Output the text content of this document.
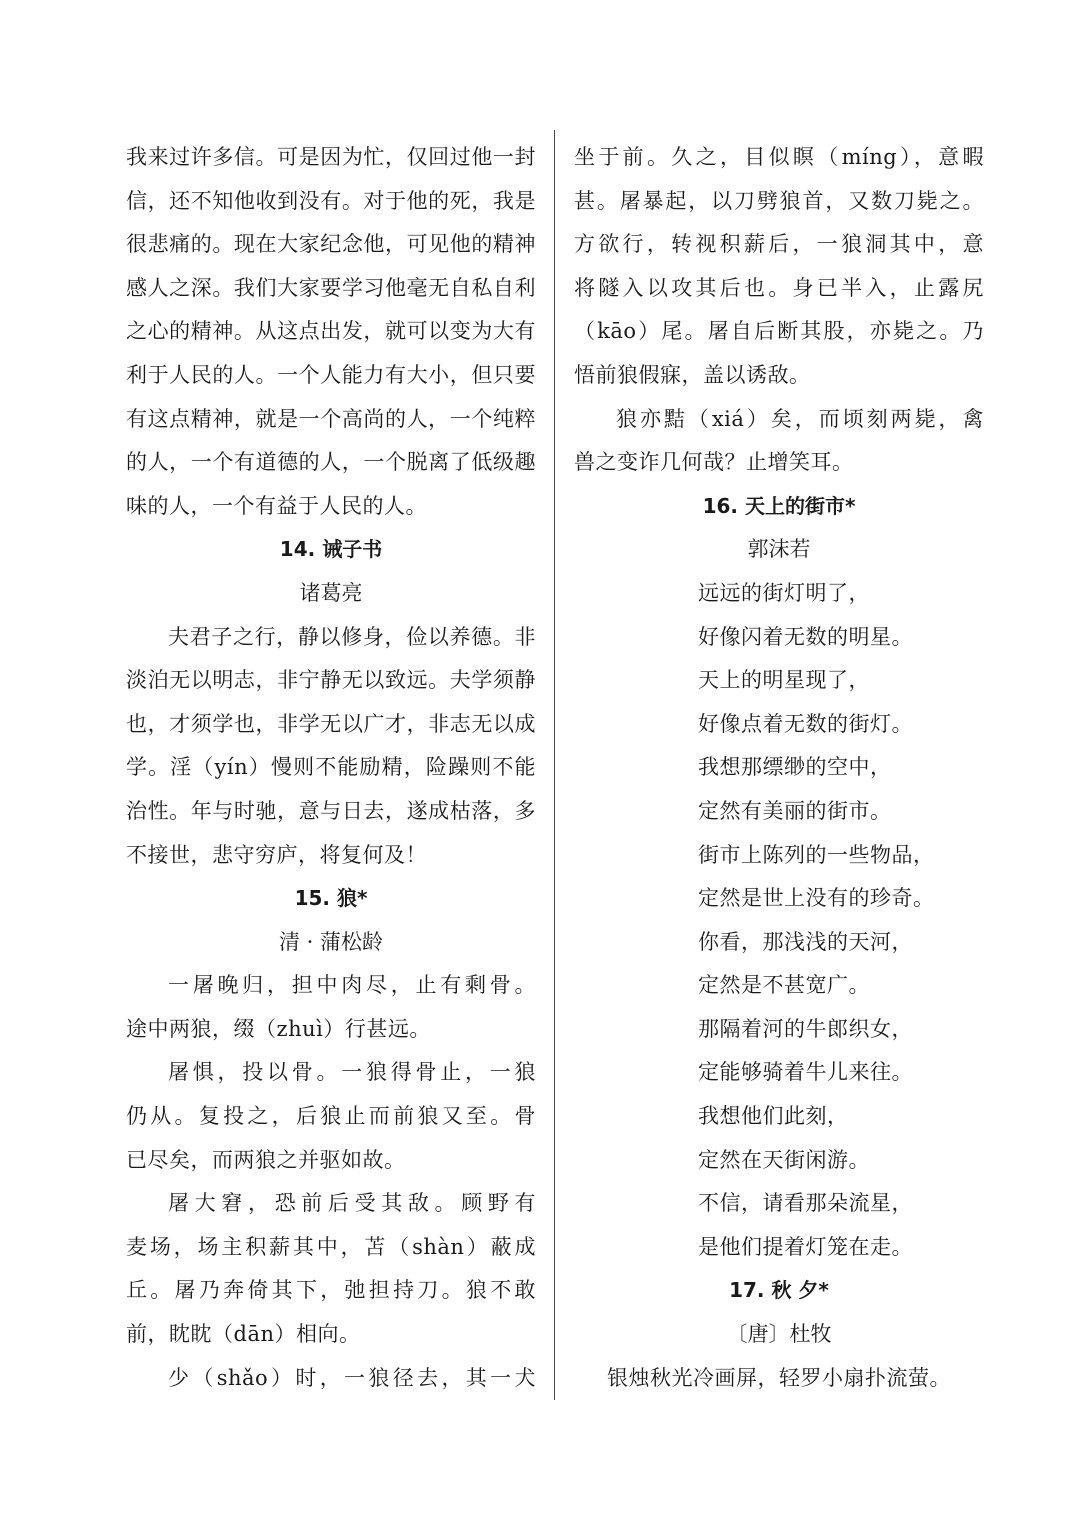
我来过许多信。可是因为忙，仅回过他一封
信，还不知他收到没有。对于他的死，我是
很悲痛的。现在大家纪念他，可见他的精神
感人之深。我们大家要学习他毫无自私自利
之心的精神。从这点出发，就可以变为大有
利于人民的人。一个人能力有大小，但只要
有这点精神，就是一个高尚的人，一个纯粹
的人，一个有道德的人，一个脱离了低级趣
味的人，一个有益于人民的人。
14. 诫子书
诸葛亮
夫君子之行，静以修身，俭以养德。非
淡泊无以明志，非宁静无以致远。夫学须静
也，才须学也，非学无以广才，非志无以成
学。淫（yín）慢则不能励精，险躁则不能
治性。年与时驰，意与日去，遂成枯落，多
不接世，悲守穷庐，将复何及！
15. 狼*
清 · 蒲松龄
一屠晚归，担中肉尽，止有剩骨。
途中两狼，缀（zhuì）行甚远。
屠惧，投以骨。一狼得骨止，一狼
仍从。复投之，后狼止而前狼又至。骨
已尽矣，而两狼之并驱如故。
屠大窘，恐前后受其敌。顾野有
麦场，场主积薪其中，苫（shàn）蔽成
丘。屠乃奔倚其下，弛担持刀。狼不敢
前，眈眈（dān）相向。
少（shǎo）时，一狼径去，其一犬
坐于前。久之，目似瞑（míng），意暇
甚。屠暴起，以刀劈狼首，又数刀毙之。
方欲行，转视积薪后，一狼洞其中，意
将隧入以攻其后也。身已半入，止露尻
（kāo）尾。屠自后断其股，亦毙之。乃
悟前狼假寐，盖以诱敌。
狼亦黠（xiá）矣，而顷刻两毙，禽
兽之变诈几何哉？止增笑耳。
16. 天上的街市*
郭沫若
远远的街灯明了，
好像闪着无数的明星。
天上的明星现了，
好像点着无数的街灯。
我想那缥缈的空中，
定然有美丽的街市。
街市上陈列的一些物品，
定然是世上没有的珍奇。
你看，那浅浅的天河，
定然是不甚宽广。
那隔着河的牛郎织女，
定能够骑着牛儿来往。
我想他们此刻，
定然在天街闲游。
不信，请看那朵流星，
是他们提着灯笼在走。
17. 秋 夕*
〔唐〕杜牧
银烛秋光冷画屏，轻罗小扇扑流萤。
